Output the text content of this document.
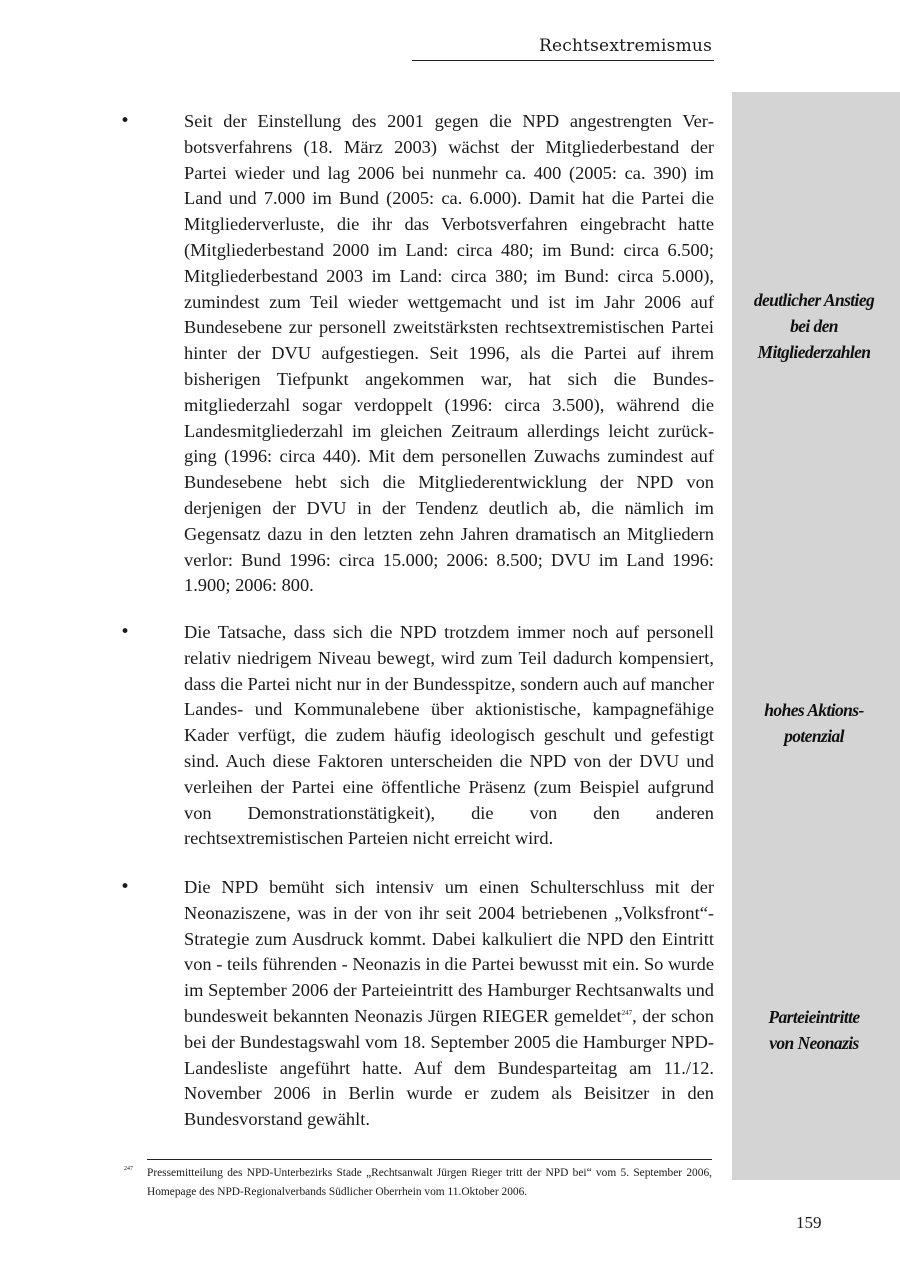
Rechtsextremismus
deutlicher Anstieg
bei den
Mitgliederzahlen
hohes Aktions-
potenzial
Parteieintritte
von Neonazis
•	Seit der Einstellung des 2001 gegen die NPD angestrengten Verbotsverfahrens (18. März 2003) wächst der Mitgliederbestand der Partei wieder und lag 2006 bei nunmehr ca. 400 (2005: ca. 390) im Land und 7.000 im Bund (2005: ca. 6.000). Damit hat die Partei die Mitgliederverluste, die ihr das Verbotsverfahren eingebracht hatte (Mitgliederbestand 2000 im Land: circa 480; im Bund: circa 6.500; Mitgliederbestand 2003 im Land: circa 380; im Bund: circa 5.000), zumindest zum Teil wieder wettgemacht und ist im Jahr 2006 auf Bundesebene zur personell zweitstärksten rechtsextremistischen Partei hinter der DVU aufgestiegen. Seit 1996, als die Partei auf ihrem bisherigen Tiefpunkt angekommen war, hat sich die Bundesmitgliederzahl sogar verdoppelt (1996: circa 3.500), während die Landesmitgliederzahl im gleichen Zeitraum allerdings leicht zurückging (1996: circa 440). Mit dem personellen Zuwachs zumindest auf Bundesebene hebt sich die Mitgliederentwicklung der NPD von derjenigen der DVU in der Tendenz deutlich ab, die nämlich im Gegensatz dazu in den letzten zehn Jahren dramatisch an Mitgliedern verlor: Bund 1996: circa 15.000; 2006: 8.500; DVU im Land 1996: 1.900; 2006: 800.
•	Die Tatsache, dass sich die NPD trotzdem immer noch auf personell relativ niedrigem Niveau bewegt, wird zum Teil dadurch kompensiert, dass die Partei nicht nur in der Bundesspitze, sondern auch auf mancher Landes- und Kommunalebene über aktionistische, kampagnefähige Kader verfügt, die zudem häufig ideologisch geschult und gefestigt sind. Auch diese Faktoren unterscheiden die NPD von der DVU und verleihen der Partei eine öffentliche Präsenz (zum Beispiel aufgrund von Demonstrationstätigkeit), die von den anderen rechtsextremistischen Parteien nicht erreicht wird.
•	Die NPD bemüht sich intensiv um einen Schulterschluss mit der Neonaziszene, was in der von ihr seit 2004 betriebenen „Volksfront“-Strategie zum Ausdruck kommt. Dabei kalkuliert die NPD den Eintritt von - teils führenden - Neonazis in die Partei bewusst mit ein. So wurde im September 2006 der Parteieintritt des Hamburger Rechtsanwalts und bundesweit bekannten Neonazis Jürgen RIEGER gemeldet$^{247}$, der schon bei der Bundestagswahl vom 18. September 2005 die Hamburger NPD-Landesliste angeführt hatte. Auf dem Bundesparteitag am 11./12. November 2006 in Berlin wurde er zudem als Beisitzer in den Bundesvorstand gewählt.
247 Pressemitteilung des NPD-Unterbezirks Stade „Rechtsanwalt Jürgen Rieger tritt der NPD bei“ vom 5. September 2006, Homepage des NPD-Regionalverbands Südlicher Oberrhein vom 11.Oktober 2006.
159
